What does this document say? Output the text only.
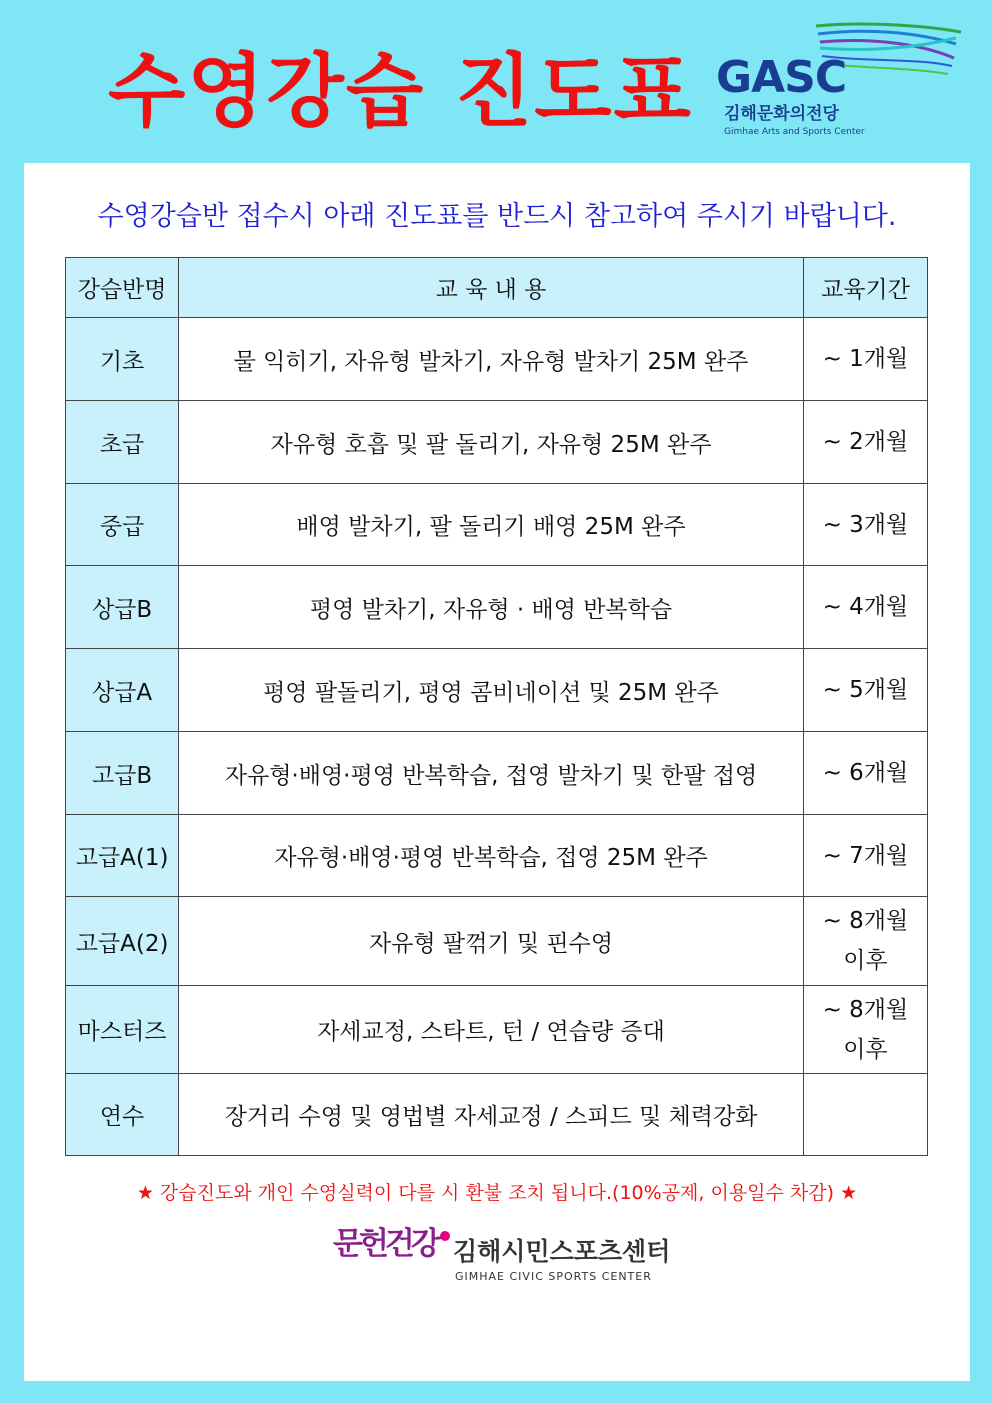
수영강습 진도표 GASC
김해문화의전당
Gimhae Arts and Sports Center
수영강습반 접수시 아래 진도표를 반드시 참고하여 주시기 바랍니다.
강습반명	교 육 내 용	교육기간
기초	물 익히기, 자유형 발차기, 자유형 발차기 25M 완주	~ 1개월
초급	자유형 호흡 및 팔 돌리기, 자유형 25M 완주	~ 2개월
중급	배영 발차기, 팔 돌리기 배영 25M 완주	~ 3개월
상급B	평영 발차기, 자유형 · 배영 반복학습	~ 4개월
상급A	평영 팔돌리기, 평영 콤비네이션 및 25M 완주	~ 5개월
고급B	자유형·배영·평영 반복학습, 접영 발차기 및 한팔 접영	~ 6개월
고급A(1)	자유형·배영·평영 반복학습, 접영 25M 완주	~ 7개월
고급A(2)	자유형 팔꺾기 및 핀수영	~ 8개월
이후

마스터즈	자세교정, 스타트, 턴 / 연습량 증대	~ 8개월
이후

연수	장거리 수영 및 영법별 자세교정 / 스피드 및 체력강화	
★ 강습진도와 개인 수영실력이 다를 시 환불 조치 됩니다.(10%공제, 이용일수 차감) ★
문헌건강 김해시민스포츠센터
GIMHAE CIVIC SPORTS CENTER
